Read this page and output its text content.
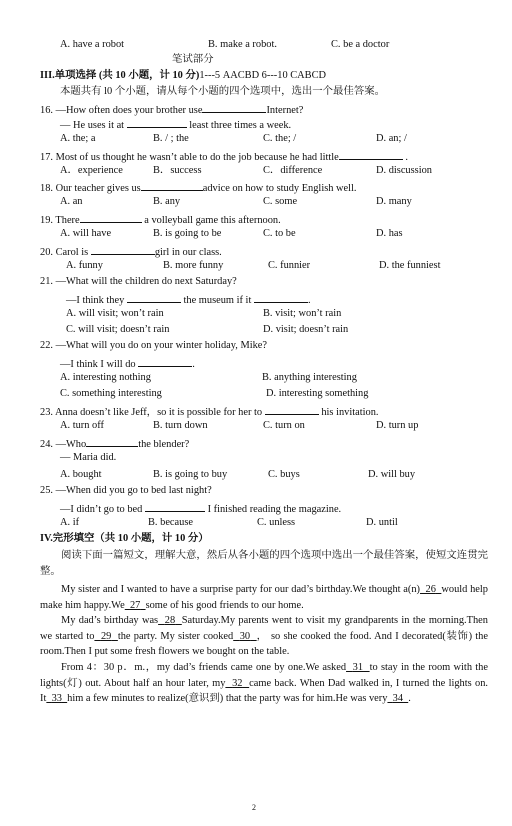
A. have a robot	B. make a robot.	C. be a doctor
笔试部分
III.单项选择 (共 10 小题，计 10 分)1---5 AACBD 6---10 CABCD
本题共有 l0 个小题，请从每个小题的四个选项中，选出一个最佳答案。
16. —How often does your brother use	Internet?
— He uses it at	least three times a week.
A. the; a	B. / ; the	C. the; /	D. an; /
17. Most of us thought he wasn’t able to do the job because he had little	.
A．experience	B．success	C．difference	D. discussion
18. Our teacher gives us	advice on how to study English well.
A. an	B. any	C. some	D. many
19. There	a volleyball game this afternoon.
A. will have	B. is going to be	C. to be	D. has
20. Carol is	girl in our class.
A. funny	B. more funny	C. funnier	D. the funniest
21. —What will the children do next Saturday?
—I think they	the museum if it	.
A. will visit; won’t rain	B. visit; won’t rain
C. will visit; doesn’t rain	D. visit; doesn’t rain
22. —What will you do on your winter holiday, Mike?
—I think I will do	.
A. interesting nothing	B. anything interesting
C. something interesting	D. interesting something
23. Anna doesn’t like Jeff，so it is possible for her to	his invitation.
A. turn off	B. turn down	C. turn on	D. turn up
24. —Who	the blender?
— Maria did.
A. bought	B. is going to buy	C. buys	D. will buy
25. —When did you go to bed last night?
—I didn’t go to bed	I finished reading the magazine.
A. if	B. because	C. unless	D. until
IV.完形填空（共 10 小题，计 10 分）

阅读下面一篇短文，理解大意，然后从各小题的四个选项中选出一个最佳答案，使短文连贯完整。

My sister and I wanted to have a surprise party for our dad’s birthday.We thought a(n) 26 would help make him happy.We 27 some of his good friends to our home.

My dad’s birthday was 28 Saturday.My parents went to visit my grandparents in the morning.Then we started to 29 the party. My sister cooked 30 ， so she cooked the food. And I decorated(装饰) the room.Then I put some fresh flowers we bought on the table.

From 4：30 p．m.，my dad’s friends came one by one.We asked 31 to stay in the room with the lights(灯) out. About half an hour later, my 32 came back. When Dad walked in, I turned the lights on. It 33 him a few minutes to realize(意识到) that the party was for him.He was very 34 .

2
